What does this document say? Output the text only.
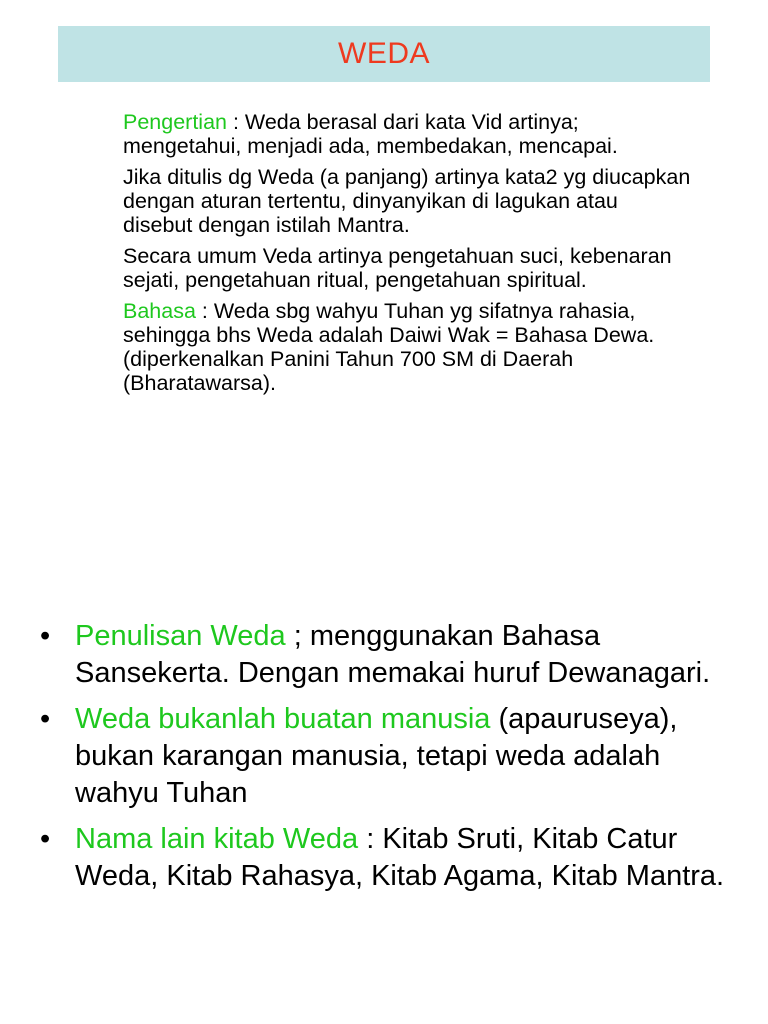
WEDA

Pengertian : Weda berasal dari kata Vid artinya; mengetahui, menjadi ada, membedakan, mencapai.

Jika ditulis dg Weda (a panjang) artinya kata2 yg diucapkan dengan aturan tertentu, dinyanyikan di lagukan atau disebut dengan istilah Mantra.

Secara umum Veda artinya pengetahuan suci, kebenaran sejati, pengetahuan ritual, pengetahuan spiritual.

Bahasa : Weda sbg wahyu Tuhan yg sifatnya rahasia, sehingga bhs Weda adalah Daiwi Wak = Bahasa Dewa. (diperkenalkan Panini Tahun 700 SM di Daerah (Bharatawarsa).

• Penulisan Weda ; menggunakan Bahasa Sansekerta. Dengan memakai huruf Dewanagari.
• Weda bukanlah buatan manusia (apauruseya), bukan karangan manusia, tetapi weda adalah wahyu Tuhan
• Nama lain kitab Weda : Kitab Sruti, Kitab Catur Weda, Kitab Rahasya, Kitab Agama, Kitab Mantra.
